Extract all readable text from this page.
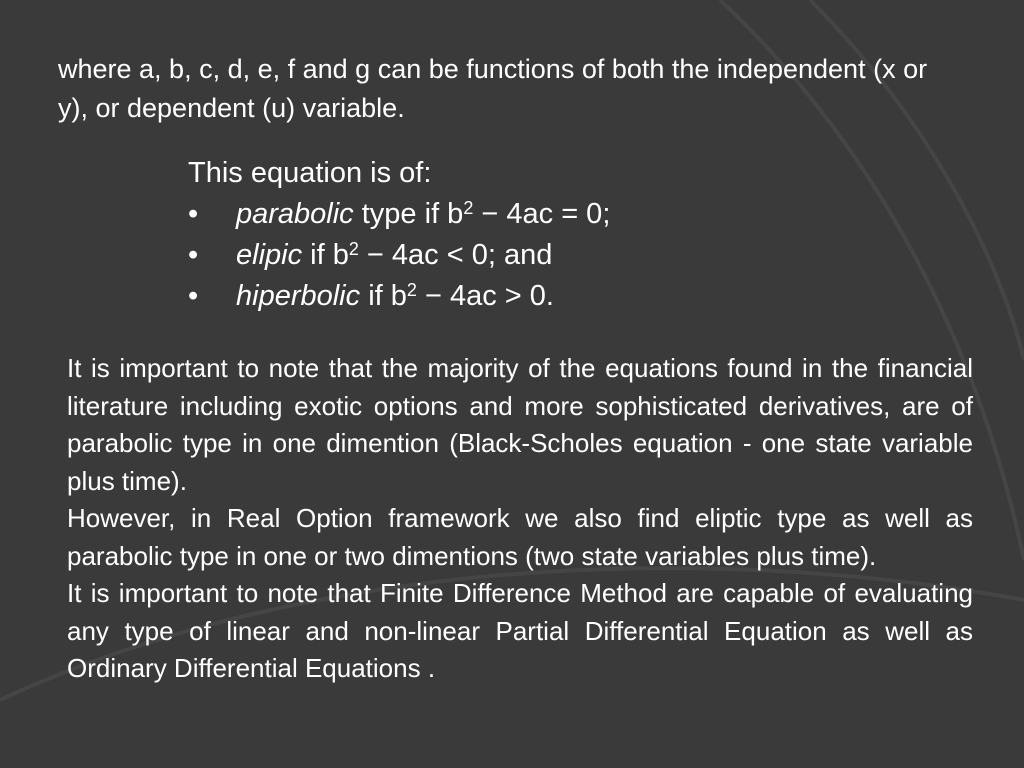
where a, b, c, d, e, f and g can be functions of both the independent (x or y), or dependent (u) variable.

This equation is of:

• parabolic type if $b^2 - 4ac = 0$;
• elipic if $b^2 - 4ac < 0$; and
• hiperbolic if $b^2 - 4ac > 0$.

It is important to note that the majority of the equations found in the financial literature including exotic options and more sophisticated derivatives, are of parabolic type in one dimention (Black-Scholes equation - one state variable plus time).

However, in Real Option framework we also find eliptic type as well as parabolic type in one or two dimentions (two state variables plus time).

It is important to note that Finite Difference Method are capable of evaluating any type of linear and non-linear Partial Differential Equation as well as Ordinary Differential Equations .
